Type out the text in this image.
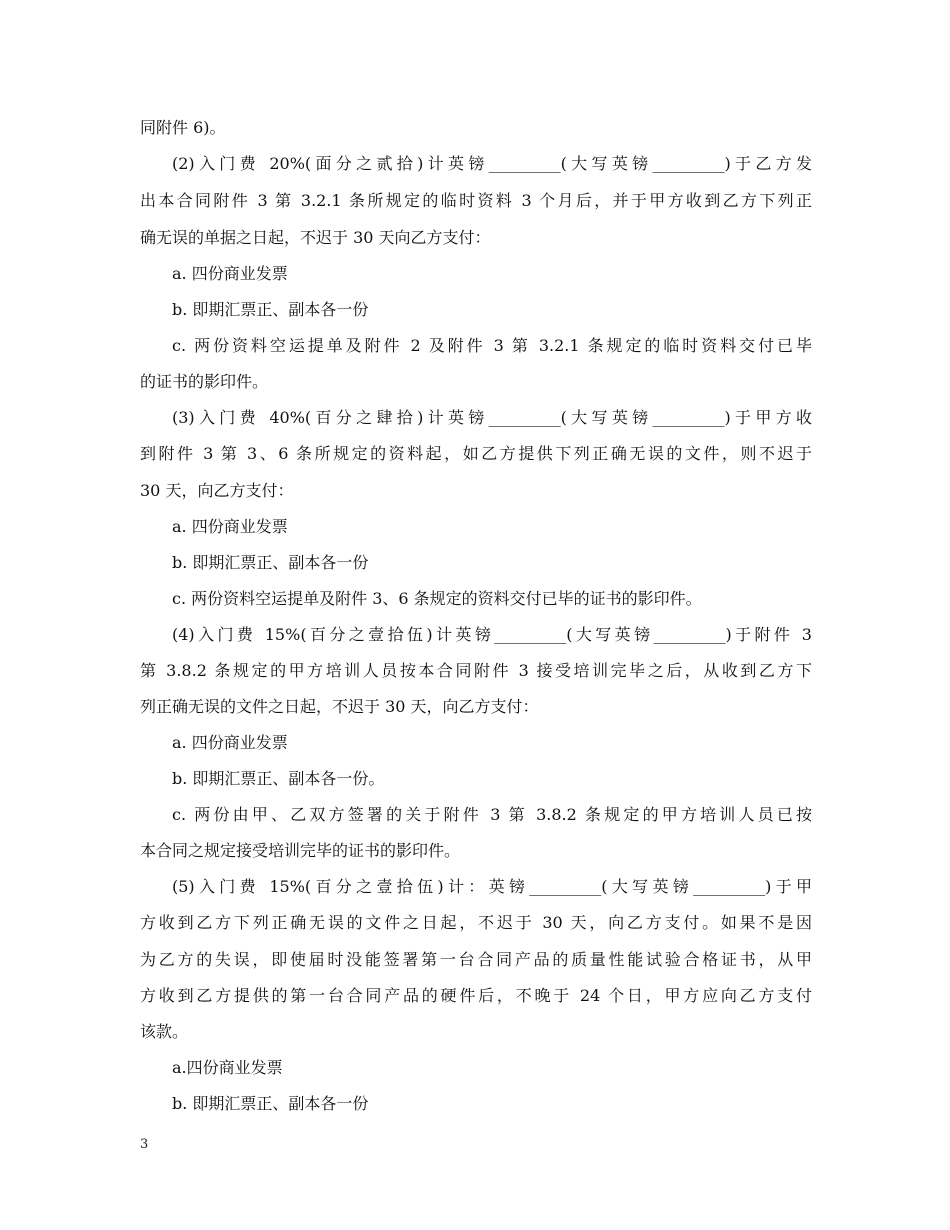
同附件 6)。
(2)入门费 20%(面分之贰拾)计英镑_________(大写英镑_________)于乙方发
出本合同附件 3 第 3.2.1 条所规定的临时资料 3 个月后，并于甲方收到乙方下列正
确无误的单据之日起，不迟于 30 天向乙方支付：
a. 四份商业发票
b. 即期汇票正、副本各一份
c. 两份资料空运提单及附件 2 及附件 3 第 3.2.1 条规定的临时资料交付已毕
的证书的影印件。
(3)入门费 40%(百分之肆拾)计英镑_________(大写英镑_________)于甲方收
到附件 3 第 3、6 条所规定的资料起，如乙方提供下列正确无误的文件，则不迟于
30 天，向乙方支付：
a. 四份商业发票
b. 即期汇票正、副本各一份
c. 两份资料空运提单及附件 3、6 条规定的资料交付已毕的证书的影印件。
(4)入门费 15%(百分之壹拾伍)计英镑_________(大写英镑_________)于附件 3
第 3.8.2 条规定的甲方培训人员按本合同附件 3 接受培训完毕之后，从收到乙方下
列正确无误的文件之日起，不迟于 30 天，向乙方支付：
a. 四份商业发票
b. 即期汇票正、副本各一份。
c. 两份由甲、乙双方签署的关于附件 3 第 3.8.2 条规定的甲方培训人员已按
本合同之规定接受培训完毕的证书的影印件。
(5)入门费 15%(百分之壹拾伍)计：英镑_________(大写英镑_________)于甲
方收到乙方下列正确无误的文件之日起，不迟于 30 天，向乙方支付。如果不是因
为乙方的失误，即使届时没能签署第一台合同产品的质量性能试验合格证书，从甲
方收到乙方提供的第一台合同产品的硬件后，不晚于 24 个日，甲方应向乙方支付
该款。
a.四份商业发票
b. 即期汇票正、副本各一份
3
